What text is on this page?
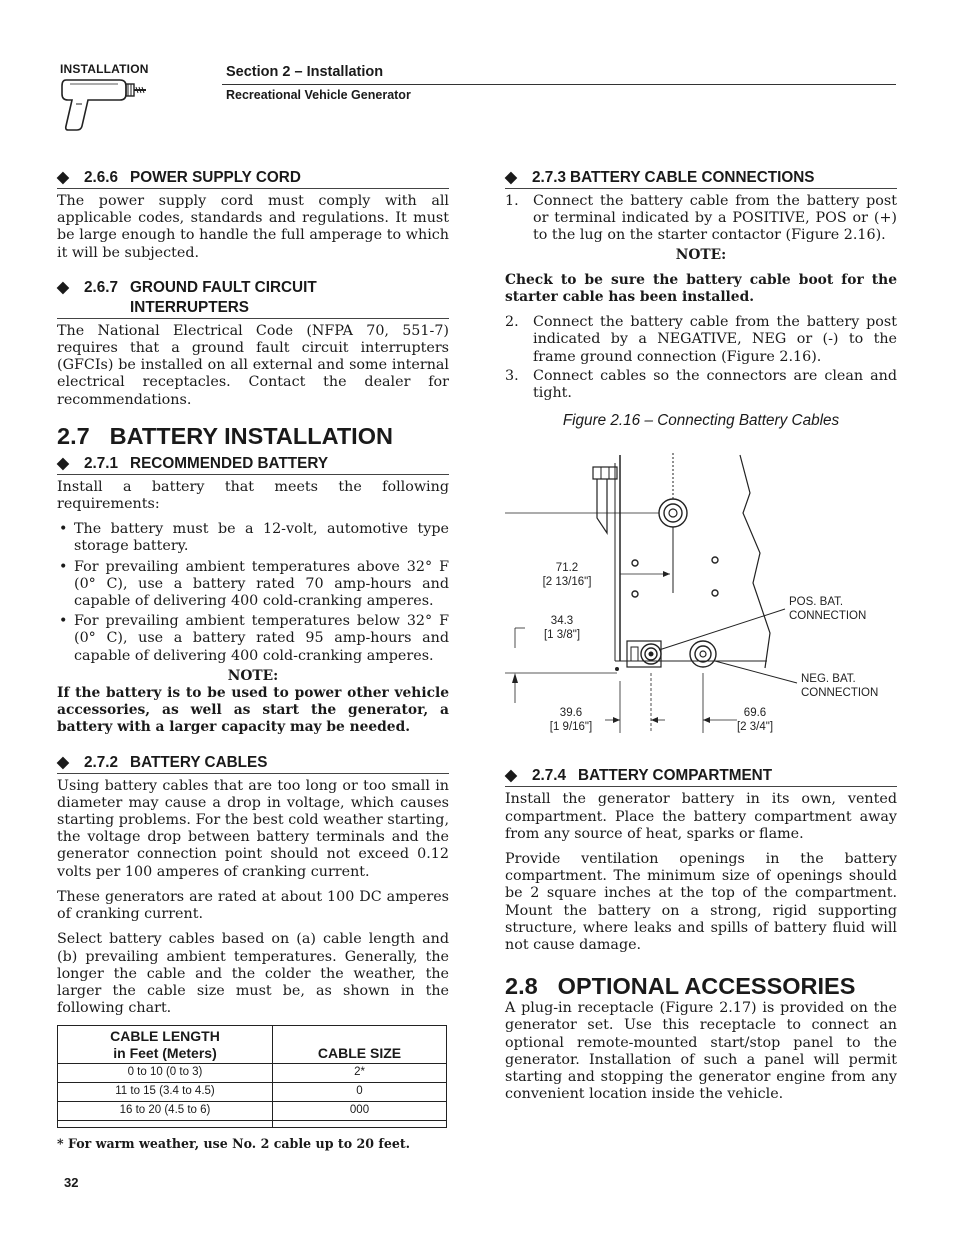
INSTALLATION	Section 2 – Installation
Recreational Vehicle Generator
◆ 2.6.6 POWER SUPPLY CORD

The power supply cord must comply with all applicable codes, standards and regulations. It must be large enough to handle the full amperage to which it will be subjected.

◆ 2.6.7 GROUND FAULT CIRCUIT
INTERRUPTERS

The National Electrical Code (NFPA 70, 551-7) requires that a ground fault circuit interrupters (GFCIs) be installed on all external and some internal electrical receptacles. Contact the dealer for recommendations.

2.7 BATTERY INSTALLATION
◆ 2.7.1 RECOMMENDED BATTERY

Install a battery that meets the following requirements:

• The battery must be a 12-volt, automotive type storage battery.
• For prevailing ambient temperatures above 32° F (0° C), use a battery rated 70 amp-hours and capable of delivering 400 cold-cranking amperes.
• For prevailing ambient temperatures below 32° F (0° C), use a battery rated 95 amp-hours and capable of delivering 400 cold-cranking amperes.
NOTE:
If the battery is to be used to power other vehicle accessories, as well as start the generator, a battery with a larger capacity may be needed.
◆ 2.7.2 BATTERY CABLES

Using battery cables that are too long or too small in diameter may cause a drop in voltage, which causes starting problems. For the best cold weather starting, the voltage drop between battery terminals and the generator connection point should not exceed 0.12 volts per 100 amperes of cranking current.

These generators are rated at about 100 DC amperes of cranking current.

Select battery cables based on (a) cable length and (b) prevailing ambient temperatures. Generally, the longer the cable and the colder the weather, the larger the cable size must be, as shown in the following chart.

CABLE LENGTH
in Feet (Meters)	CABLE SIZE
0 to 10 (0 to 3)	2*
11 to 15 (3.4 to 4.5)	0
16 to 20 (4.5 to 6)	000

* For warm weather, use No. 2 cable up to 20 feet.
◆ 2.7.3 BATTERY CABLE CONNECTIONS
1. Connect the battery cable from the battery post or terminal indicated by a POSITIVE, POS or (+) to the lug on the starter contactor (Figure 2.16).
NOTE:
Check to be sure the battery cable boot for the starter cable has been installed.
2. Connect the battery cable from the battery post indicated by a NEGATIVE, NEG or (-) to the frame ground connection (Figure 2.16).
3. Connect cables so the connectors are clean and tight.
Figure 2.16 – Connecting Battery Cables
71.2
[2 13/16"]
34.3
[1 3/8"]
POS. BAT.
CONNECTION
NEG. BAT.
CONNECTION
39.6
[1 9/16"]
69.6
[2 3/4"]
◆ 2.7.4 BATTERY COMPARTMENT

Install the generator battery in its own, vented compartment. Place the battery compartment away from any source of heat, sparks or flame.

Provide ventilation openings in the battery compartment. The minimum size of openings should be 2 square inches at the top of the compartment. Mount the battery on a strong, rigid supporting structure, where leaks and spills of battery fluid will not cause damage.

2.8 OPTIONAL ACCESSORIES

A plug-in receptacle (Figure 2.17) is provided on the generator set. Use this receptacle to connect an optional remote-mounted start/stop panel to the generator. Installation of such a panel will permit starting and stopping the generator engine from any convenient location inside the vehicle.

32
